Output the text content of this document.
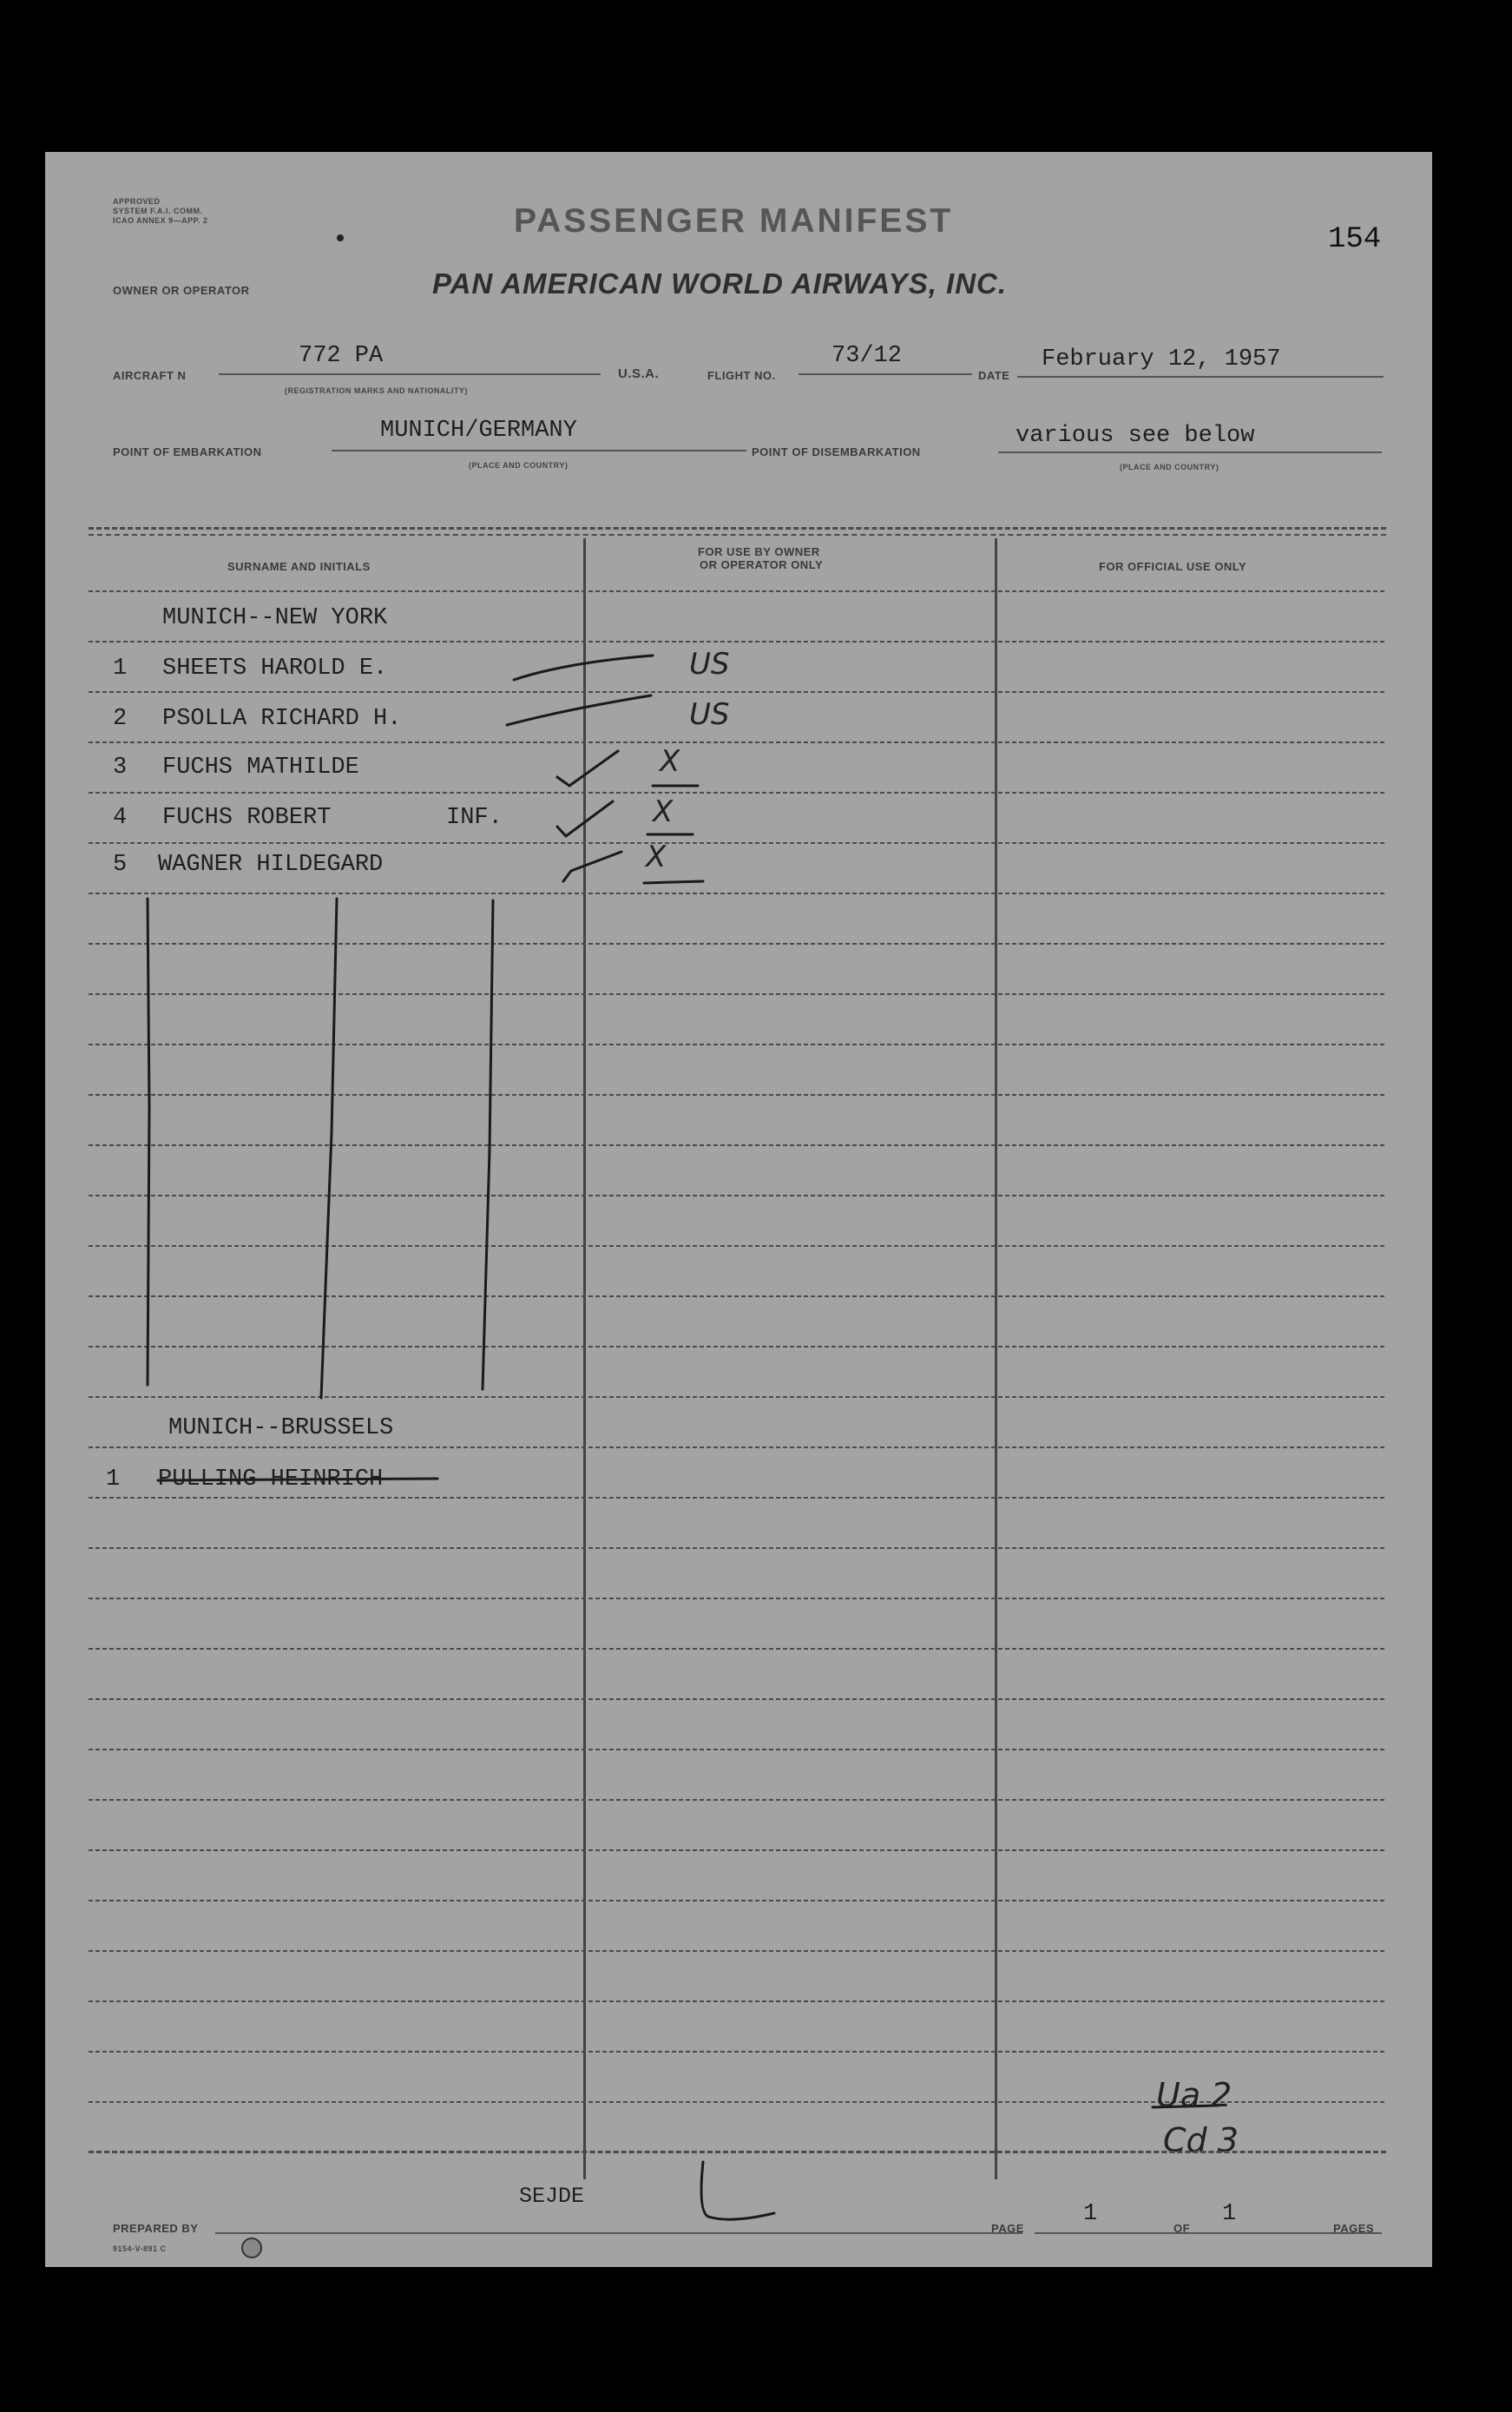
APPROVED
SYSTEM F.A.I. COMM.
ICAO ANNEX 9—APP. 2	PASSENGER MANIFEST	154
OWNER OR OPERATOR	PAN AMERICAN WORLD AIRWAYS, INC.
AIRCRAFT N
772 PA
(REGISTRATION MARKS AND NATIONALITY)
U.S.A.	FLIGHT NO.
73/12
DATE
February 12, 1957
POINT OF EMBARKATION
MUNICH/GERMANY
(PLACE AND COUNTRY)
POINT OF DISEMBARKATION
various see below
(PLACE AND COUNTRY)
SURNAME AND INITIALS
FOR USE BY OWNER
OR OPERATOR ONLY	FOR OFFICIAL USE ONLY
MUNICH--NEW YORK
1 SHEETS HAROLD E.	US
2 PSOLLA RICHARD H.	US
3 FUCHS MATHILDE	X
4 FUCHS ROBERT	INF.	X
5 WAGNER HILDEGARD	X
MUNICH--BRUSSELS
1 PULLING HEINRICH
Ua 2
Cd 3
SEJDE
PREPARED BY
9154-V-891 C
PAGE
1
OF
1
PAGES
